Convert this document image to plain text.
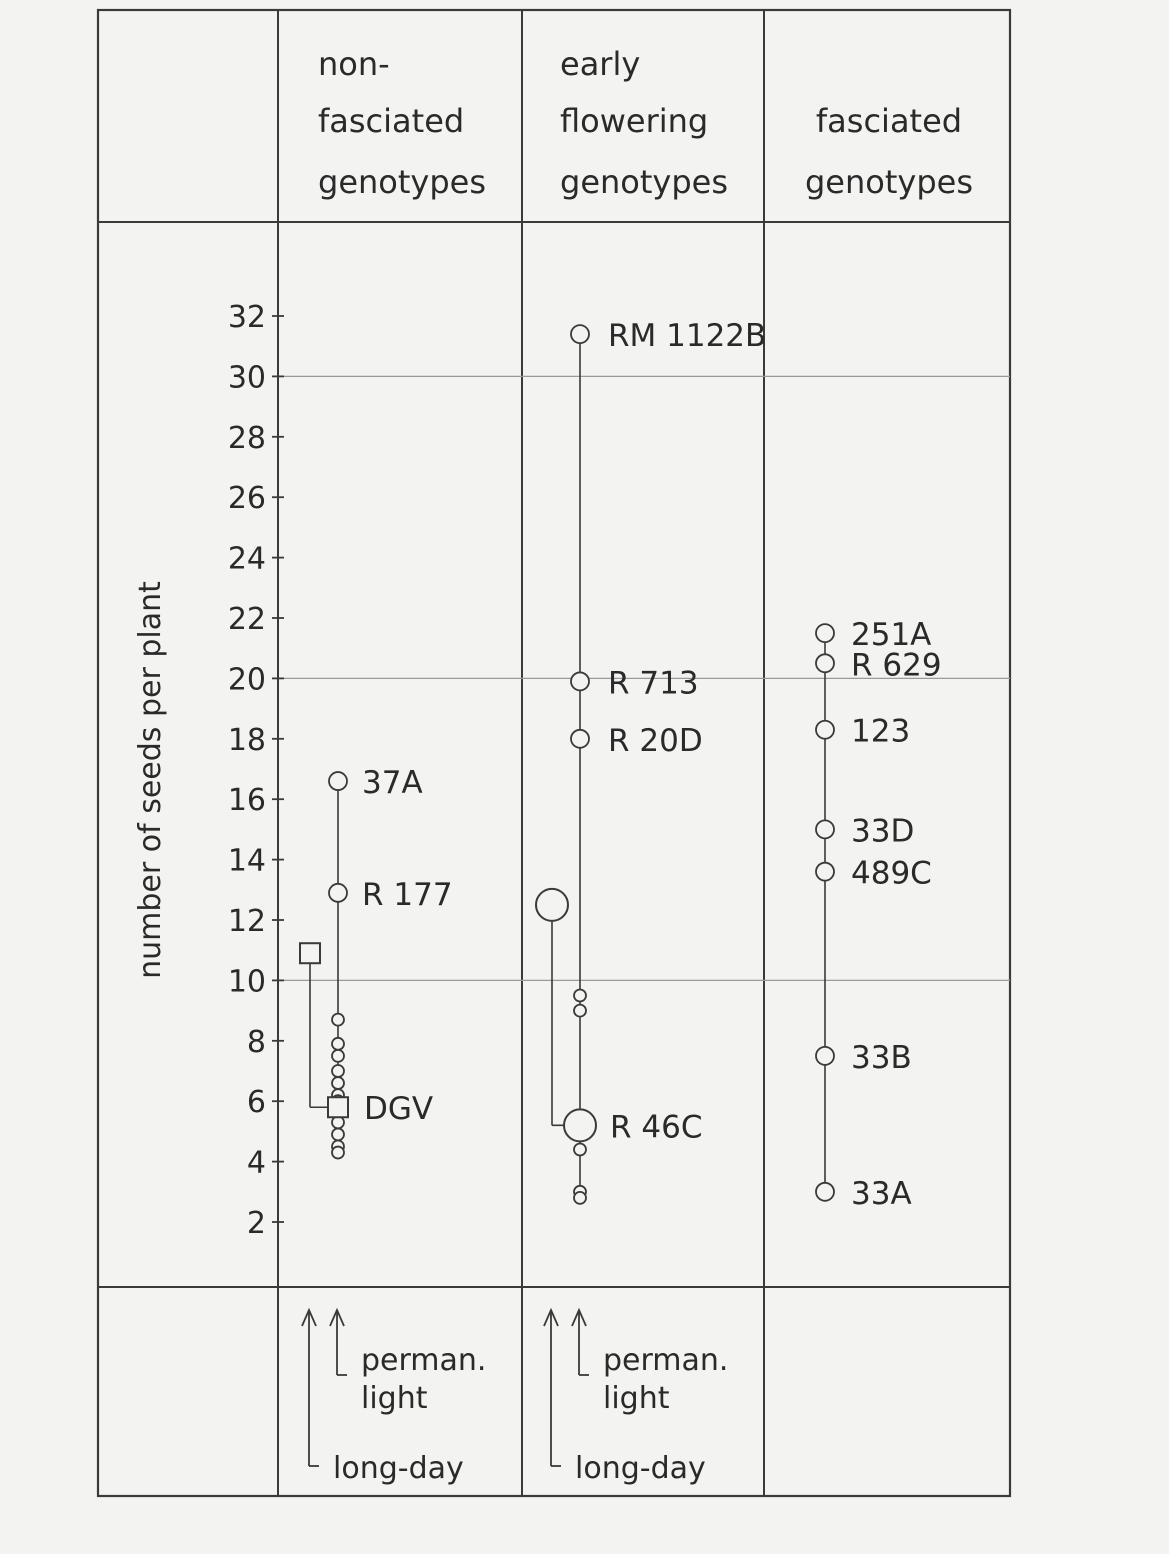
2
4
6
8
10
12
14
16
18
20
22
24
26
28
30
32
number of seeds per plant
non-
fasciated
genotypes
early
flowering
genotypes
fasciated
genotypes
37A
R 177
DGV
RM 1122B
R 713
R 20D
R 46C
251A
R 629
123
33D
489C
33B
33A
perman.
light
long-day
perman.
light
long-day
